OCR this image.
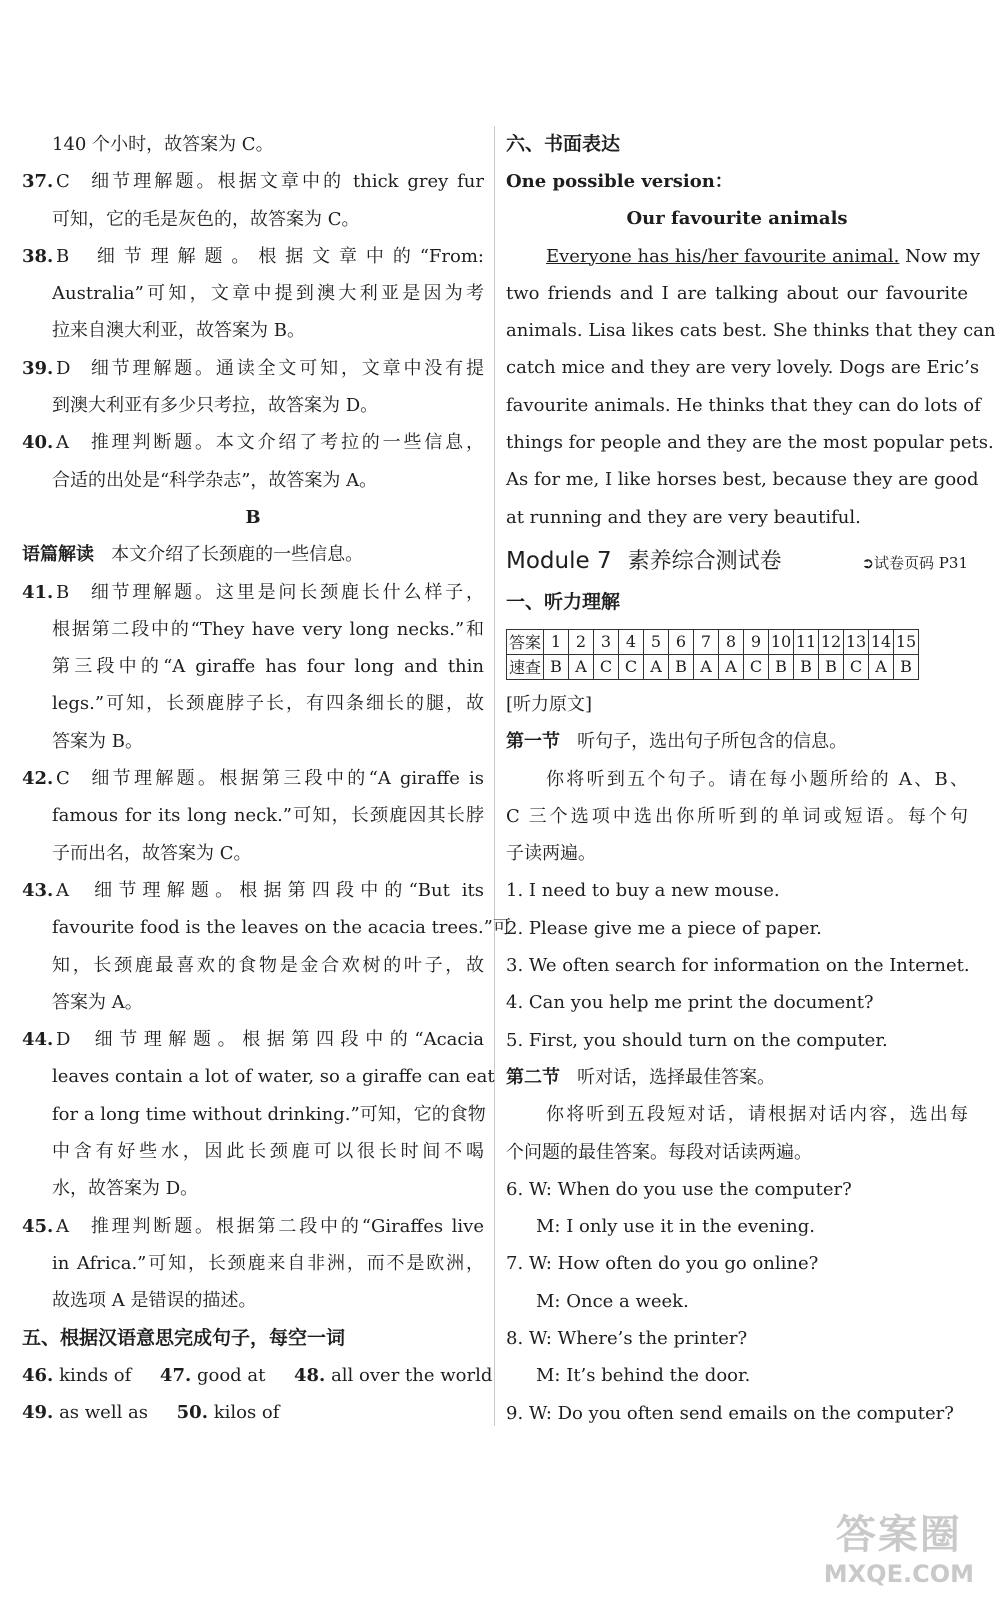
140 个小时，故答案为 C。
37. C 细节理解题。根据文章中的 thick grey fur
可知，它的毛是灰色的，故答案为 C。
38. B 细节理解题。根据文章中的“From:
Australia”可知，文章中提到澳大利亚是因为考
拉来自澳大利亚，故答案为 B。
39. D 细节理解题。通读全文可知，文章中没有提
到澳大利亚有多少只考拉，故答案为 D。
40. A 推理判断题。本文介绍了考拉的一些信息，
合适的出处是“科学杂志”，故答案为 A。
B
语篇解读 本文介绍了长颈鹿的一些信息。
41. B 细节理解题。这里是问长颈鹿长什么样子，
根据第二段中的“They have very long necks.”和
第三段中的“A giraffe has four long and thin
legs.”可知，长颈鹿脖子长，有四条细长的腿，故
答案为 B。
42. C 细节理解题。根据第三段中的“A giraffe is
famous for its long neck.”可知，长颈鹿因其长脖
子而出名，故答案为 C。
43. A 细节理解题。根据第四段中的“But its
favourite food is the leaves on the acacia trees.”可
知，长颈鹿最喜欢的食物是金合欢树的叶子，故
答案为 A。
44. D 细节理解题。根据第四段中的“Acacia
leaves contain a lot of water, so a giraffe can eat
for a long time without drinking.”可知，它的食物
中含有好些水，因此长颈鹿可以很长时间不喝
水，故答案为 D。
45. A 推理判断题。根据第二段中的“Giraffes live
in Africa.”可知，长颈鹿来自非洲，而不是欧洲，
故选项 A 是错误的描述。
五、根据汉语意思完成句子，每空一词
46. kinds of 47. good at 48. all over the world
49. as well as 50. kilos of
六、书面表达
One possible version：
Our favourite animals
Everyone has his/her favourite animal. Now my
two friends and I are talking about our favourite
animals. Lisa likes cats best. She thinks that they can
catch mice and they are very lovely. Dogs are Eric’s
favourite animals. He thinks that they can do lots of
things for people and they are the most popular pets.
As for me, I like horses best, because they are good
at running and they are very beautiful.
Module 7 素养综合测试卷	➲试卷页码 P31
一、听力理解
答案	1	2	3	4	5	6	7	8	9	10	11	12	13	14	15
速查	B	A	C	C	A	B	A	A	C	B	B	B	C	A	B
[听力原文]
第一节 听句子，选出句子所包含的信息。
你将听到五个句子。请在每小题所给的 A、B、
C 三个选项中选出你所听到的单词或短语。每个句
子读两遍。
1. I need to buy a new mouse.
2. Please give me a piece of paper.
3. We often search for information on the Internet.
4. Can you help me print the document?
5. First, you should turn on the computer.
第二节 听对话，选择最佳答案。
你将听到五段短对话，请根据对话内容，选出每
个问题的最佳答案。每段对话读两遍。
6. W: When do you use the computer?
M: I only use it in the evening.
7. W: How often do you go online?
M: Once a week.
8. W: Where’s the printer?
M: It’s behind the door.
9. W: Do you often send emails on the computer?
答案圈
MXQE.COM
